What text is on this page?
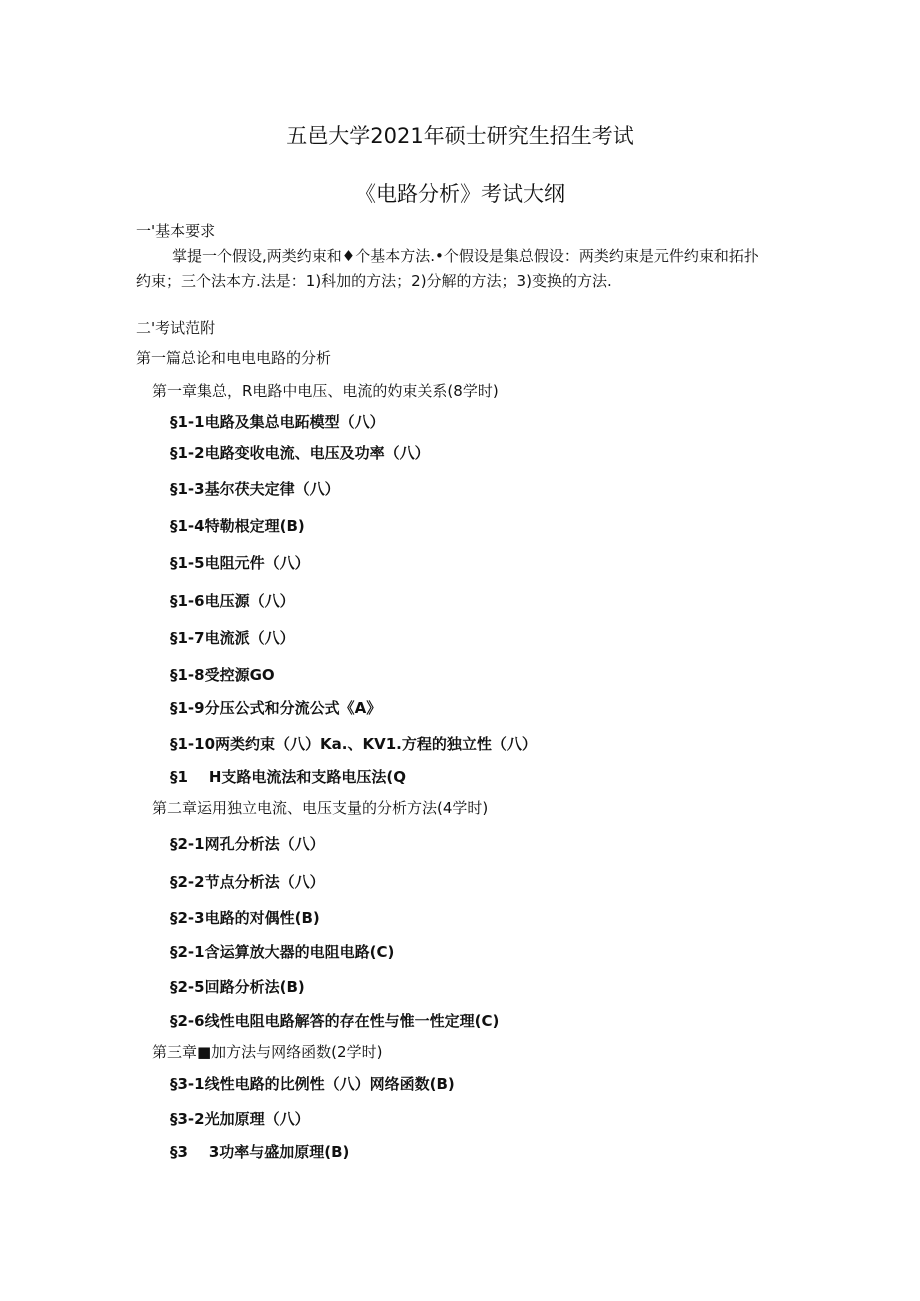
五邑大学2021年硕士研究生招生考试
《电路分析》考试大纲
一'基本要求
掌提一个假设,两类约束和♦个基本方法.•个假设是集总假设：两类约束是元件约束和拓扑
约束；三个法本方.法是：1)科加的方法；2)分解的方法；3)变换的方法.
二'考试范附
第一篇总论和电电电路的分析
第一章集总，R电路中电压、电流的妁束关系(8学时)
§1-1电路及集总电跖模型（八）
§1-2电路变收电流、电压及功率（八）
§1-3基尔茯夫定律（八）
§1-4特勒根定理(B)
§1-5电阻元件（八）
§1-6电压源（八）
§1-7电流派（八）
§1-8受控源GO
§1-9分压公式和分流公式《A》
§1-10两类约束（八）Ka.、KV1.方程的独立性（八）
§1    H支路电流法和支路电压法(Q
第二章运用独立电流、电压支量的分析方法(4学时)
§2-1网孔分析法（八）
§2-2节点分析法（八）
§2-3电路的对偶性(B)
§2-1含运算放大器的电阻电路(C)
§2-5回路分析法(B)
§2-6线性电阻电路解答的存在性与惟一性定理(C)
第三章■加方法与网络函数(2学时)
§3-1线性电路的比例性（八）网络函数(B)
§3-2光加原理（八）
§3    3功率与盛加原理(B)
